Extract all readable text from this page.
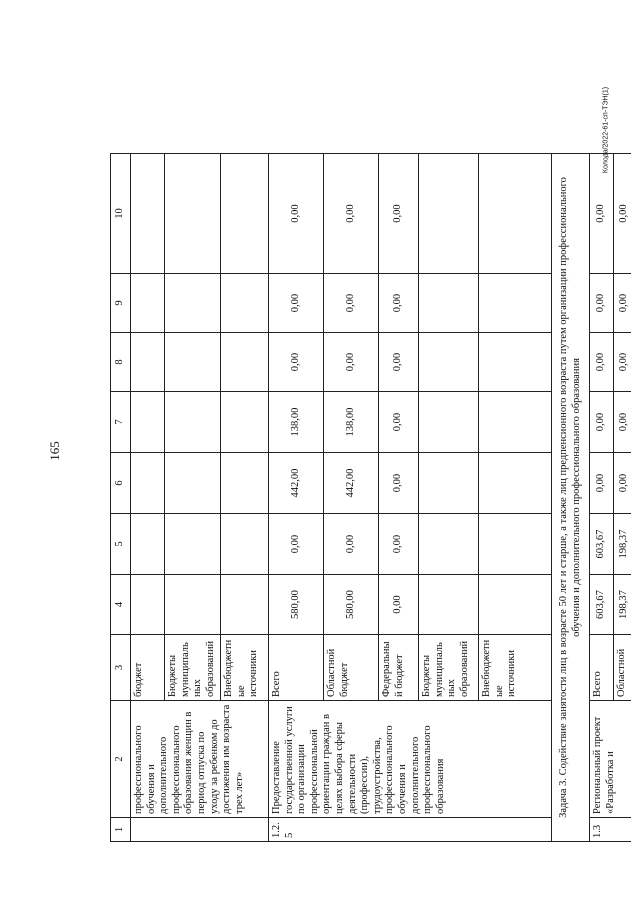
165
Колода/2022-61-сп-ТЭН(1)
1	2	3	4	5	6	7	8	9	10
	профессионального обучения и дополнительного профессионального образования женщин в период отпуска по уходу за ребенком до достижения им возраста трех лет»	бюджет							
		Бюджеты муниципальных образований							
		Внебюджетные источники							
1.2.5	Предоставление государственной услуги по организации профессиональной ориентации граждан в целях выбора сферы деятельности (профессии), трудоустройства, профессионального обучения и дополнительного профессионального образования	Всего	580,00	0,00	442,00	138,00	0,00	0,00	0,00
		Областной бюджет	580,00	0,00	442,00	138,00	0,00	0,00	0,00
		Федеральный бюджет	0,00	0,00	0,00	0,00	0,00	0,00	0,00
		Бюджеты муниципальных образований							
		Внебюджетные источники							
Задача 3. Содействие занятости лиц в возрасте 50 лет и старше, а также лиц предпенсионного возраста путем организации профессионального обучения и дополнительного профессионального образования									
1.3	Региональный проект «Разработка и	Всего	603,67	603,67	0,00	0,00	0,00	0,00	0,00
		Областной	198,37	198,37	0,00	0,00	0,00	0,00	0,00
